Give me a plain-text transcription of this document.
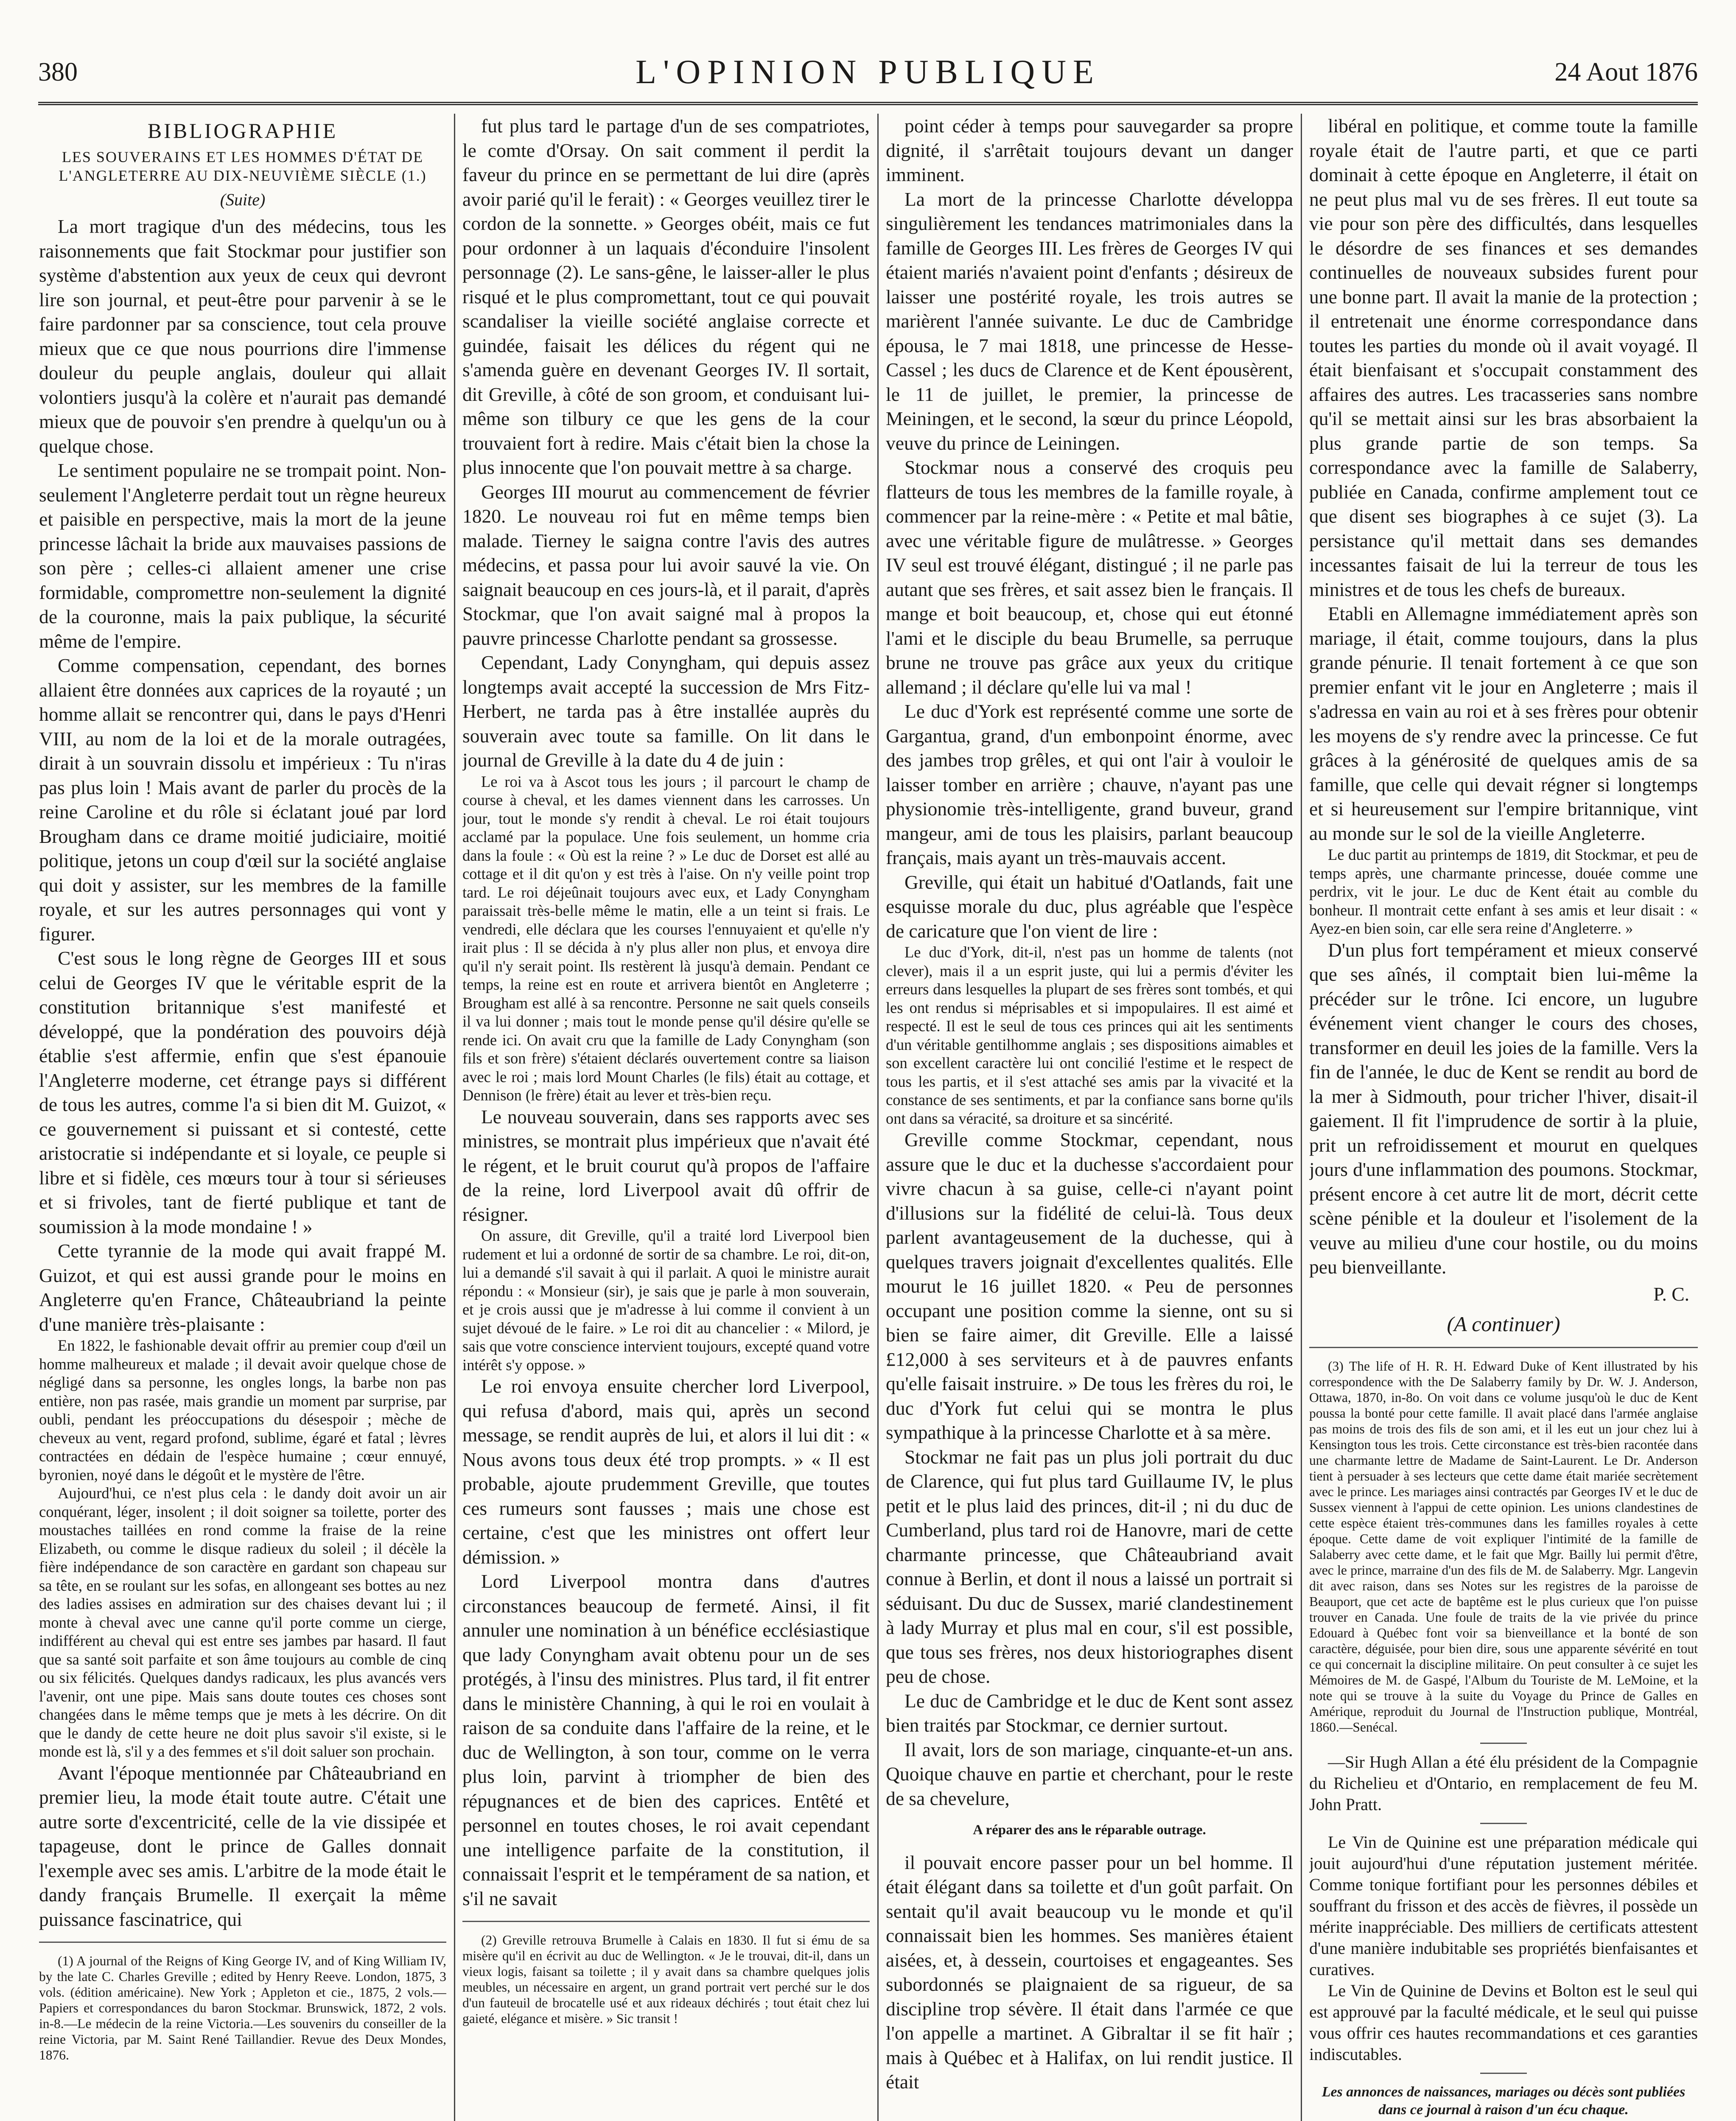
380	L'OPINION PUBLIQUE	24 Aout 1876
BIBLIOGRAPHIE
LES SOUVERAINS ET LES HOMMES D'ÉTAT DE L'ANGLETERRE AU DIX-NEUVIÈME SIÈCLE (1.)
(Suite)

La mort tragique d'un des médecins, tous les raisonnements que fait Stockmar pour justifier son système d'abstention aux yeux de ceux qui devront lire son journal, et peut-être pour parvenir à se le faire pardonner par sa conscience, tout cela prouve mieux que ce que nous pourrions dire l'immense douleur du peuple anglais, douleur qui allait volontiers jusqu'à la colère et n'aurait pas demandé mieux que de pouvoir s'en prendre à quelqu'un ou à quelque chose.

Le sentiment populaire ne se trompait point. Non-seulement l'Angleterre perdait tout un règne heureux et paisible en perspective, mais la mort de la jeune princesse lâchait la bride aux mauvaises passions de son père ; celles-ci allaient amener une crise formidable, compromettre non-seulement la dignité de la couronne, mais la paix publique, la sécurité même de l'empire.

Comme compensation, cependant, des bornes allaient être données aux caprices de la royauté ; un homme allait se rencontrer qui, dans le pays d'Henri VIII, au nom de la loi et de la morale outragées, dirait à un souvrain dissolu et impérieux : Tu n'iras pas plus loin ! Mais avant de parler du procès de la reine Caroline et du rôle si éclatant joué par lord Brougham dans ce drame moitié judiciaire, moitié politique, jetons un coup d'œil sur la société anglaise qui doit y assister, sur les membres de la famille royale, et sur les autres personnages qui vont y figurer.

C'est sous le long règne de Georges III et sous celui de Georges IV que le véritable esprit de la constitution britannique s'est manifesté et développé, que la pondération des pouvoirs déjà établie s'est affermie, enfin que s'est épanouie l'Angleterre moderne, cet étrange pays si différent de tous les autres, comme l'a si bien dit M. Guizot, « ce gouvernement si puissant et si contesté, cette aristocratie si indépendante et si loyale, ce peuple si libre et si fidèle, ces mœurs tour à tour si sérieuses et si frivoles, tant de fierté publique et tant de soumission à la mode mondaine ! »

Cette tyrannie de la mode qui avait frappé M. Guizot, et qui est aussi grande pour le moins en Angleterre qu'en France, Châteaubriand la peinte d'une manière très-plaisante :

En 1822, le fashionable devait offrir au premier coup d'œil un homme malheureux et malade ; il devait avoir quelque chose de négligé dans sa personne, les ongles longs, la barbe non pas entière, non pas rasée, mais grandie un moment par surprise, par oubli, pendant les préoccupations du désespoir ; mèche de cheveux au vent, regard profond, sublime, égaré et fatal ; lèvres contractées en dédain de l'espèce humaine ; cœur ennuyé, byronien, noyé dans le dégoût et le mystère de l'être.

Aujourd'hui, ce n'est plus cela : le dandy doit avoir un air conquérant, léger, insolent ; il doit soigner sa toilette, porter des moustaches taillées en rond comme la fraise de la reine Elizabeth, ou comme le disque radieux du soleil ; il décèle la fière indépendance de son caractère en gardant son chapeau sur sa tête, en se roulant sur les sofas, en allongeant ses bottes au nez des ladies assises en admiration sur des chaises devant lui ; il monte à cheval avec une canne qu'il porte comme un cierge, indifférent au cheval qui est entre ses jambes par hasard. Il faut que sa santé soit parfaite et son âme toujours au comble de cinq ou six félicités. Quelques dandys radicaux, les plus avancés vers l'avenir, ont une pipe. Mais sans doute toutes ces choses sont changées dans le même temps que je mets à les décrire. On dit que le dandy de cette heure ne doit plus savoir s'il existe, si le monde est là, s'il y a des femmes et s'il doit saluer son prochain.

Avant l'époque mentionnée par Châteaubriand en premier lieu, la mode était toute autre. C'était une autre sorte d'excentricité, celle de la vie dissipée et tapageuse, dont le prince de Galles donnait l'exemple avec ses amis. L'arbitre de la mode était le dandy français Brumelle. Il exerçait la même puissance fascinatrice, qui

(1) A journal of the Reigns of King George IV, and of King William IV, by the late C. Charles Greville ; edited by Henry Reeve. London, 1875, 3 vols. (édition américaine). New York ; Appleton et cie., 1875, 2 vols.—Papiers et correspondances du baron Stockmar. Brunswick, 1872, 2 vols. in-8.—Le médecin de la reine Victoria.—Les souvenirs du conseiller de la reine Victoria, par M. Saint René Taillandier. Revue des Deux Mondes, 1876.

fut plus tard le partage d'un de ses compatriotes, le comte d'Orsay. On sait comment il perdit la faveur du prince en se permettant de lui dire (après avoir parié qu'il le ferait) : « Georges veuillez tirer le cordon de la sonnette. » Georges obéit, mais ce fut pour ordonner à un laquais d'éconduire l'insolent personnage (2). Le sans-gêne, le laisser-aller le plus risqué et le plus compromettant, tout ce qui pouvait scandaliser la vieille société anglaise correcte et guindée, faisait les délices du régent qui ne s'amenda guère en devenant Georges IV. Il sortait, dit Greville, à côté de son groom, et conduisant lui-même son tilbury ce que les gens de la cour trouvaient fort à redire. Mais c'était bien la chose la plus innocente que l'on pouvait mettre à sa charge.

Georges III mourut au commencement de février 1820. Le nouveau roi fut en même temps bien malade. Tierney le saigna contre l'avis des autres médecins, et passa pour lui avoir sauvé la vie. On saignait beaucoup en ces jours-là, et il parait, d'après Stockmar, que l'on avait saigné mal à propos la pauvre princesse Charlotte pendant sa grossesse.

Cependant, Lady Conyngham, qui depuis assez longtemps avait accepté la succession de Mrs Fitz-Herbert, ne tarda pas à être installée auprès du souverain avec toute sa famille. On lit dans le journal de Greville à la date du 4 de juin :

Le roi va à Ascot tous les jours ; il parcourt le champ de course à cheval, et les dames viennent dans les carrosses. Un jour, tout le monde s'y rendit à cheval. Le roi était toujours acclamé par la populace. Une fois seulement, un homme cria dans la foule : « Où est la reine ? » Le duc de Dorset est allé au cottage et il dit qu'on y est très à l'aise. On n'y veille point trop tard. Le roi déjeûnait toujours avec eux, et Lady Conyngham paraissait très-belle même le matin, elle a un teint si frais. Le vendredi, elle déclara que les courses l'ennuyaient et qu'elle n'y irait plus : Il se décida à n'y plus aller non plus, et envoya dire qu'il n'y serait point. Ils restèrent là jusqu'à demain. Pendant ce temps, la reine est en route et arrivera bientôt en Angleterre ; Brougham est allé à sa rencontre. Personne ne sait quels conseils il va lui donner ; mais tout le monde pense qu'il désire qu'elle se rende ici. On avait cru que la famille de Lady Conyngham (son fils et son frère) s'étaient déclarés ouvertement contre sa liaison avec le roi ; mais lord Mount Charles (le fils) était au cottage, et Dennison (le frère) était au lever et très-bien reçu.

Le nouveau souverain, dans ses rapports avec ses ministres, se montrait plus impérieux que n'avait été le régent, et le bruit courut qu'à propos de l'affaire de la reine, lord Liverpool avait dû offrir de résigner.

On assure, dit Greville, qu'il a traité lord Liverpool bien rudement et lui a ordonné de sortir de sa chambre. Le roi, dit-on, lui a demandé s'il savait à qui il parlait. A quoi le ministre aurait répondu : « Monsieur (sir), je sais que je parle à mon souverain, et je crois aussi que je m'adresse à lui comme il convient à un sujet dévoué de le faire. » Le roi dit au chancelier : « Milord, je sais que votre conscience intervient toujours, excepté quand votre intérêt s'y oppose. »

Le roi envoya ensuite chercher lord Liverpool, qui refusa d'abord, mais qui, après un second message, se rendit auprès de lui, et alors il lui dit : « Nous avons tous deux été trop prompts. » « Il est probable, ajoute prudemment Greville, que toutes ces rumeurs sont fausses ; mais une chose est certaine, c'est que les ministres ont offert leur démission. »

Lord Liverpool montra dans d'autres circonstances beaucoup de fermeté. Ainsi, il fit annuler une nomination à un bénéfice ecclésiastique que lady Conyngham avait obtenu pour un de ses protégés, à l'insu des ministres. Plus tard, il fit entrer dans le ministère Channing, à qui le roi en voulait à raison de sa conduite dans l'affaire de la reine, et le duc de Wellington, à son tour, comme on le verra plus loin, parvint à triompher de bien des répugnances et de bien des caprices. Entêté et personnel en toutes choses, le roi avait cependant une intelligence parfaite de la constitution, il connaissait l'esprit et le tempérament de sa nation, et s'il ne savait

(2) Greville retrouva Brumelle à Calais en 1830. Il fut si ému de sa misère qu'il en écrivit au duc de Wellington. « Je le trouvai, dit-il, dans un vieux logis, faisant sa toilette ; il y avait dans sa chambre quelques jolis meubles, un nécessaire en argent, un grand portrait vert perché sur le dos d'un fauteuil de brocatelle usé et aux rideaux déchirés ; tout était chez lui gaieté, elégance et misère. » Sic transit !

point céder à temps pour sauvegarder sa propre dignité, il s'arrêtait toujours devant un danger imminent.

La mort de la princesse Charlotte développa singulièrement les tendances matrimoniales dans la famille de Georges III. Les frères de Georges IV qui étaient mariés n'avaient point d'enfants ; désireux de laisser une postérité royale, les trois autres se marièrent l'année suivante. Le duc de Cambridge épousa, le 7 mai 1818, une princesse de Hesse-Cassel ; les ducs de Clarence et de Kent épousèrent, le 11 de juillet, le premier, la princesse de Meiningen, et le second, la sœur du prince Léopold, veuve du prince de Leiningen.

Stockmar nous a conservé des croquis peu flatteurs de tous les membres de la famille royale, à commencer par la reine-mère : « Petite et mal bâtie, avec une véritable figure de mulâtresse. » Georges IV seul est trouvé élégant, distingué ; il ne parle pas autant que ses frères, et sait assez bien le français. Il mange et boit beaucoup, et, chose qui eut étonné l'ami et le disciple du beau Brumelle, sa perruque brune ne trouve pas grâce aux yeux du critique allemand ; il déclare qu'elle lui va mal !

Le duc d'York est représenté comme une sorte de Gargantua, grand, d'un embonpoint énorme, avec des jambes trop grêles, et qui ont l'air à vouloir le laisser tomber en arrière ; chauve, n'ayant pas une physionomie très-intelligente, grand buveur, grand mangeur, ami de tous les plaisirs, parlant beaucoup français, mais ayant un très-mauvais accent.

Greville, qui était un habitué d'Oatlands, fait une esquisse morale du duc, plus agréable que l'espèce de caricature que l'on vient de lire :

Le duc d'York, dit-il, n'est pas un homme de talents (not clever), mais il a un esprit juste, qui lui a permis d'éviter les erreurs dans lesquelles la plupart de ses frères sont tombés, et qui les ont rendus si méprisables et si impopulaires. Il est aimé et respecté. Il est le seul de tous ces princes qui ait les sentiments d'un véritable gentilhomme anglais ; ses dispositions aimables et son excellent caractère lui ont concilié l'estime et le respect de tous les partis, et il s'est attaché ses amis par la vivacité et la constance de ses sentiments, et par la confiance sans borne qu'ils ont dans sa véracité, sa droiture et sa sincérité.

Greville comme Stockmar, cependant, nous assure que le duc et la duchesse s'accordaient pour vivre chacun à sa guise, celle-ci n'ayant point d'illusions sur la fidélité de celui-là. Tous deux parlent avantageusement de la duchesse, qui à quelques travers joignait d'excellentes qualités. Elle mourut le 16 juillet 1820. « Peu de personnes occupant une position comme la sienne, ont su si bien se faire aimer, dit Greville. Elle a laissé £12,000 à ses serviteurs et à de pauvres enfants qu'elle faisait instruire. » De tous les frères du roi, le duc d'York fut celui qui se montra le plus sympathique à la princesse Charlotte et à sa mère.

Stockmar ne fait pas un plus joli portrait du duc de Clarence, qui fut plus tard Guillaume IV, le plus petit et le plus laid des princes, dit-il ; ni du duc de Cumberland, plus tard roi de Hanovre, mari de cette charmante princesse, que Châteaubriand avait connue à Berlin, et dont il nous a laissé un portrait si séduisant. Du duc de Sussex, marié clandestinement à lady Murray et plus mal en cour, s'il est possible, que tous ses frères, nos deux historiographes disent peu de chose.

Le duc de Cambridge et le duc de Kent sont assez bien traités par Stockmar, ce dernier surtout.

Il avait, lors de son mariage, cinquante-et-un ans. Quoique chauve en partie et cherchant, pour le reste de sa chevelure,

A réparer des ans le réparable outrage.

il pouvait encore passer pour un bel homme. Il était élégant dans sa toilette et d'un goût parfait. On sentait qu'il avait beaucoup vu le monde et qu'il connaissait bien les hommes. Ses manières étaient aisées, et, à dessein, courtoises et engageantes. Ses subordonnés se plaignaient de sa rigueur, de sa discipline trop sévère. Il était dans l'armée ce que l'on appelle a martinet. A Gibraltar il se fit haïr ; mais à Québec et à Halifax, on lui rendit justice. Il était

libéral en politique, et comme toute la famille royale était de l'autre parti, et que ce parti dominait à cette époque en Angleterre, il était on ne peut plus mal vu de ses frères. Il eut toute sa vie pour son père des difficultés, dans lesquelles le désordre de ses finances et ses demandes continuelles de nouveaux subsides furent pour une bonne part. Il avait la manie de la protection ; il entretenait une énorme correspondance dans toutes les parties du monde où il avait voyagé. Il était bienfaisant et s'occupait constamment des affaires des autres. Les tracasseries sans nombre qu'il se mettait ainsi sur les bras absorbaient la plus grande partie de son temps. Sa correspondance avec la famille de Salaberry, publiée en Canada, confirme amplement tout ce que disent ses biographes à ce sujet (3). La persistance qu'il mettait dans ses demandes incessantes faisait de lui la terreur de tous les ministres et de tous les chefs de bureaux.

Etabli en Allemagne immédiatement après son mariage, il était, comme toujours, dans la plus grande pénurie. Il tenait fortement à ce que son premier enfant vit le jour en Angleterre ; mais il s'adressa en vain au roi et à ses frères pour obtenir les moyens de s'y rendre avec la princesse. Ce fut grâces à la générosité de quelques amis de sa famille, que celle qui devait régner si longtemps et si heureusement sur l'empire britannique, vint au monde sur le sol de la vieille Angleterre.

Le duc partit au printemps de 1819, dit Stockmar, et peu de temps après, une charmante princesse, douée comme une perdrix, vit le jour. Le duc de Kent était au comble du bonheur. Il montrait cette enfant à ses amis et leur disait : « Ayez-en bien soin, car elle sera reine d'Angleterre. »

D'un plus fort tempérament et mieux conservé que ses aînés, il comptait bien lui-même la précéder sur le trône. Ici encore, un lugubre événement vient changer le cours des choses, transformer en deuil les joies de la famille. Vers la fin de l'année, le duc de Kent se rendit au bord de la mer à Sidmouth, pour tricher l'hiver, disait-il gaiement. Il fit l'imprudence de sortir à la pluie, prit un refroidissement et mourut en quelques jours d'une inflammation des poumons. Stockmar, présent encore à cet autre lit de mort, décrit cette scène pénible et la douleur et l'isolement de la veuve au milieu d'une cour hostile, ou du moins peu bienveillante.

P. C.

(A continuer)

(3) The life of H. R. H. Edward Duke of Kent illustrated by his correspondence with the De Salaberry family by Dr. W. J. Anderson, Ottawa, 1870, in-8o. On voit dans ce volume jusqu'où le duc de Kent poussa la bonté pour cette famille. Il avait placé dans l'armée anglaise pas moins de trois des fils de son ami, et il les eut un jour chez lui à Kensington tous les trois. Cette circonstance est très-bien racontée dans une charmante lettre de Madame de Saint-Laurent. Le Dr. Anderson tient à persuader à ses lecteurs que cette dame était mariée secrètement avec le prince. Les mariages ainsi contractés par Georges IV et le duc de Sussex viennent à l'appui de cette opinion. Les unions clandestines de cette espèce étaient très-communes dans les familles royales à cette époque. Cette dame de voit expliquer l'intimité de la famille de Salaberry avec cette dame, et le fait que Mgr. Bailly lui permit d'être, avec le prince, marraine d'un des fils de M. de Salaberry. Mgr. Langevin dit avec raison, dans ses Notes sur les registres de la paroisse de Beauport, que cet acte de baptême est le plus curieux que l'on puisse trouver en Canada. Une foule de traits de la vie privée du prince Edouard à Québec font voir sa bienveillance et la bonté de son caractère, déguisée, pour bien dire, sous une apparente sévérité en tout ce qui concernait la discipline militaire. On peut consulter à ce sujet les Mémoires de M. de Gaspé, l'Album du Touriste de M. LeMoine, et la note qui se trouve à la suite du Voyage du Prince de Galles en Amérique, reproduit du Journal de l'Instruction publique, Montréal, 1860.—Senécal.

—Sir Hugh Allan a été élu président de la Compagnie du Richelieu et d'Ontario, en remplacement de feu M. John Pratt.

Le Vin de Quinine est une préparation médicale qui jouit aujourd'hui d'une réputation justement méritée. Comme tonique fortifiant pour les personnes débiles et souffrant du frisson et des accès de fièvres, il possède un mérite inappréciable. Des milliers de certificats attestent d'une manière indubitable ses propriétés bienfaisantes et curatives.

Le Vin de Quinine de Devins et Bolton est le seul qui est approuvé par la faculté médicale, et le seul qui puisse vous offrir ces hautes recommandations et ces garanties indiscutables.

Les annonces de naissances, mariages ou décès sont publiées dans ce journal à raison d'un écu chaque.
